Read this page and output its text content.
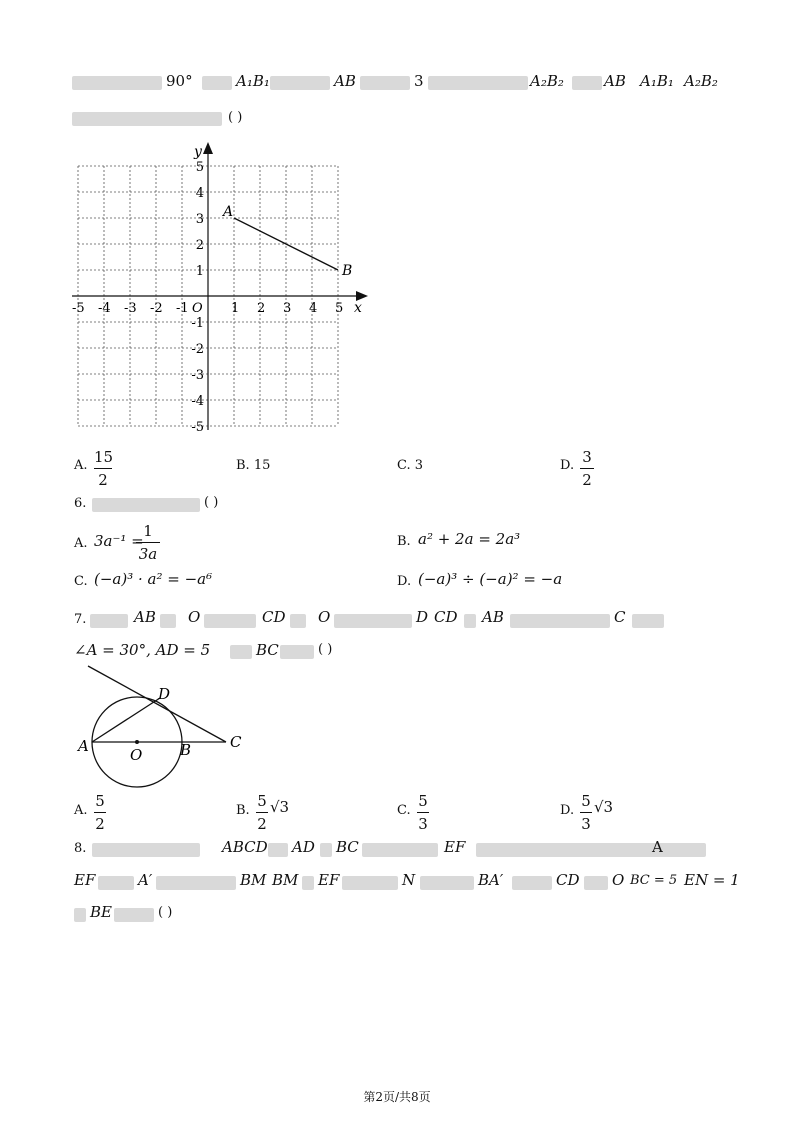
90°	A₁B₁	AB	3	A₂B₂	AB A₁B₁ A₂B₂
( )
x
y
O
-5 -4 -3 -2 -1	1 2 3 4 5
5
4
3
2
1
-1
-2
-3
-4
-5
A
B
A. 15
2
B. 15	C. 3	D. 3
2
6.	( )
A. 3a⁻¹ =
1
3a
B. a² + 2a = 2a³
C. (−a)³ · a² = −a⁶	D. (−a)³ ÷ (−a)² = −a
7.	AB O	CD O	D CD AB	C
∠A = 30°, AD = 5	BC	( )
A	O	B	C
D
A.
5
2
B.
5
2
√3	C.
5
3
D.
5
3
√3
8.	ABCD AD BC	EF	A
EF	A′	BM BM EF	N	BA′	CD O BC = 5 EN = 1
BE	( )
第2页/共8页
